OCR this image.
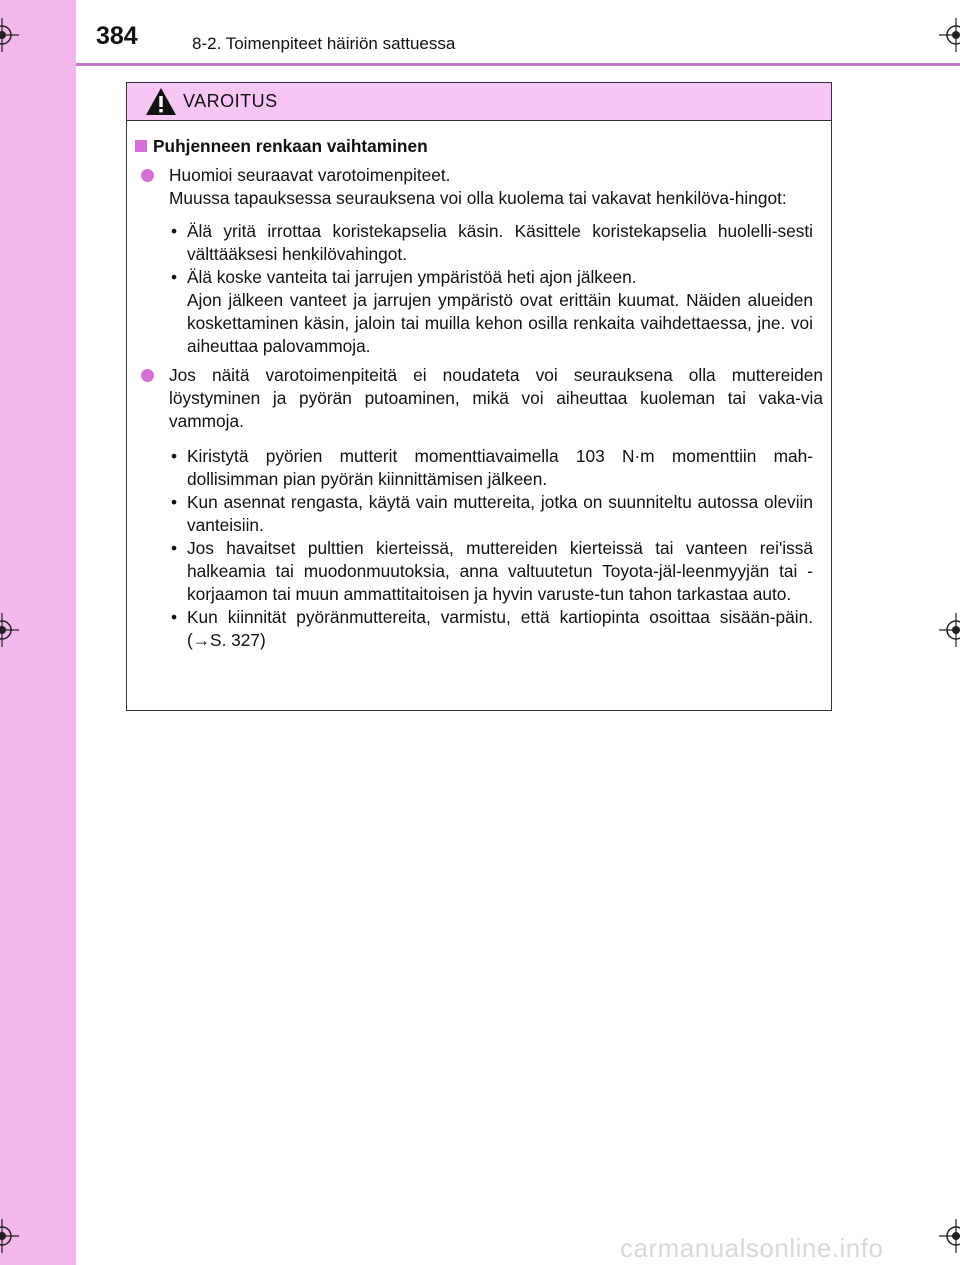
384	8-2. Toimenpiteet häiriön sattuessa
VAROITUS
Puhjenneen renkaan vaihtaminen

Huomioi seuraavat varotoimenpiteet.

Muussa tapauksessa seurauksena voi olla kuolema tai vakavat henkilöva-hingot:

• Älä yritä irrottaa koristekapselia käsin. Käsittele koristekapselia huolelli-sesti välttääksesi henkilövahingot.
• Älä koske vanteita tai jarrujen ympäristöä heti ajon jälkeen.
Ajon jälkeen vanteet ja jarrujen ympäristö ovat erittäin kuumat. Näiden alueiden koskettaminen käsin, jaloin tai muilla kehon osilla renkaita vaihdettaessa, jne. voi aiheuttaa palovammoja.

Jos näitä varotoimenpiteitä ei noudateta voi seurauksena olla muttereiden löystyminen ja pyörän putoaminen, mikä voi aiheuttaa kuoleman tai vaka-via vammoja.

• Kiristytä pyörien mutterit momenttiavaimella 103 N·m momenttiin mah-dollisimman pian pyörän kiinnittämisen jälkeen.
• Kun asennat rengasta, käytä vain muttereita, jotka on suunniteltu autossa oleviin vanteisiin.
• Jos havaitset pulttien kierteissä, muttereiden kierteissä tai vanteen rei'issä halkeamia tai muodonmuutoksia, anna valtuutetun Toyota-jäl-leenmyyjän tai -korjaamon tai muun ammattitaitoisen ja hyvin varuste-tun tahon tarkastaa auto.
• Kun kiinnität pyöränmuttereita, varmistu, että kartiopinta osoittaa sisään-päin. (→S. 327)
carmanualsonline.info
